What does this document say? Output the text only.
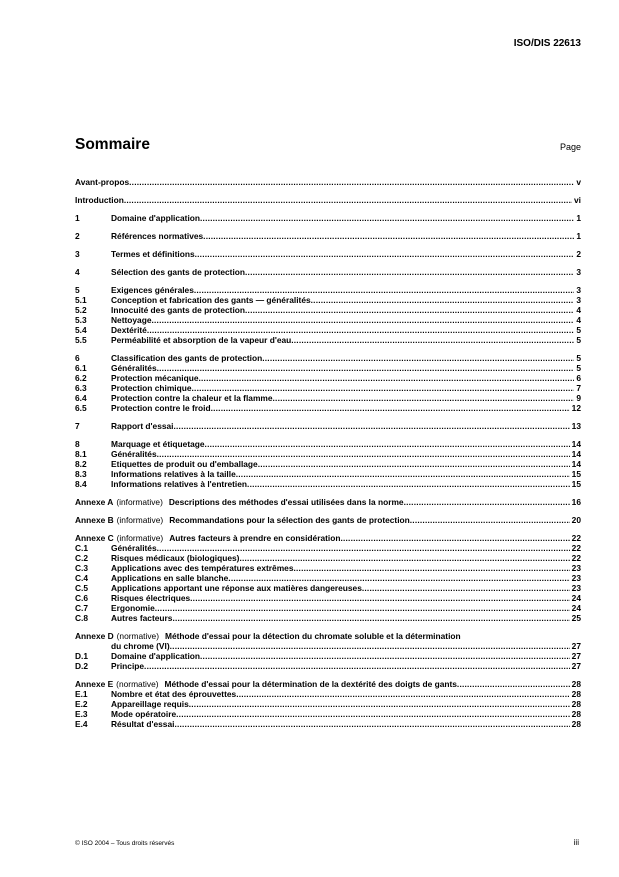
ISO/DIS 22613
Sommaire	Page
Avant-propos .....	v
Introduction .....	vi
1	Domaine d'application .....	1
2	Références normatives .....	1
3	Termes et définitions .....	2
4	Sélection des gants de protection .....	3
5	Exigences générales .....	3
5.1	Conception et fabrication des gants — généralités .....	3
5.2	Innocuité des gants de protection .....	4
5.3	Nettoyage .....	4
5.4	Dextérité .....	5
5.5	Perméabilité et absorption de la vapeur d'eau .....	5
6	Classification des gants de protection .....	5
6.1	Généralités .....	5
6.2	Protection mécanique .....	6
6.3	Protection chimique .....	7
6.4	Protection contre la chaleur et la flamme .....	9
6.5	Protection contre le froid .....	12
7	Rapport d'essai .....	13
8	Marquage et étiquetage .....	14
8.1	Généralités .....	14
8.2	Etiquettes de produit ou d'emballage .....	14
8.3	Informations relatives à la taille .....	15
8.4	Informations relatives à l'entretien .....	15
Annexe A (informative) Descriptions des méthodes d'essai utilisées dans la norme .....	16
Annexe B (informative) Recommandations pour la sélection des gants de protection .....	20
Annexe C (informative) Autres facteurs à prendre en considération .....	22
C.1	Généralités .....	22
C.2	Risques médicaux (biologiques) .....	22
C.3	Applications avec des températures extrêmes .....	23
C.4	Applications en salle blanche .....	23
C.5	Applications apportant une réponse aux matières dangereuses .....	23
C.6	Risques électriques .....	24
C.7	Ergonomie .....	24
C.8	Autres facteurs .....	25
Annexe D (normative) Méthode d'essai pour la détection du chromate soluble et la détermination
du chrome (VI) .....	27
D.1	Domaine d'application .....	27
D.2	Principe .....	27
Annexe E (normative) Méthode d'essai pour la détermination de la dextérité des doigts de gants .....	28
E.1	Nombre et état des éprouvettes .....	28
E.2	Appareillage requis .....	28
E.3	Mode opératoire .....	28
E.4	Résultat d'essai .....	28
© ISO 2004 – Tous droits réservés	iii
